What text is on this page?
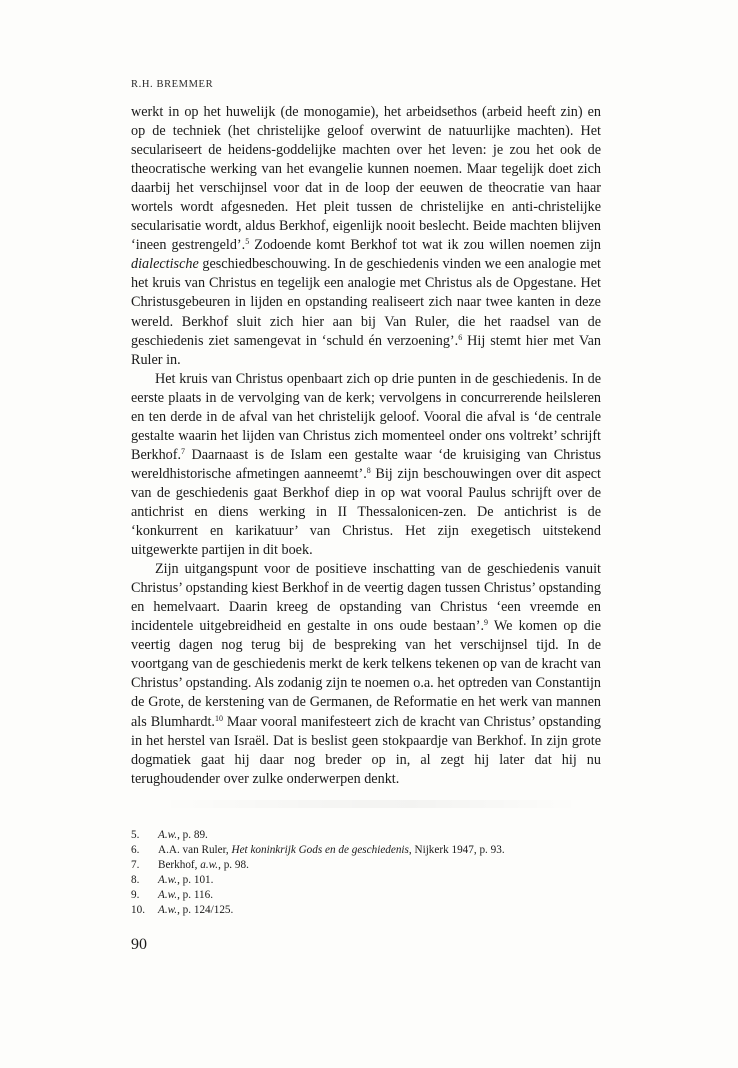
R.H. BREMMER

werkt in op het huwelijk (de monogamie), het arbeidsethos (arbeid heeft zin) en op de techniek (het christelijke geloof overwint de natuurlijke machten). Het seculariseert de heidens-goddelijke machten over het leven: je zou het ook de theocratische werking van het evangelie kunnen noemen. Maar tegelijk doet zich daarbij het verschijnsel voor dat in de loop der eeuwen de theocratie van haar wortels wordt afgesneden. Het pleit tussen de christelijke en anti-christelijke secularisatie wordt, aldus Berkhof, eigenlijk nooit beslecht. Beide machten blijven ‘ineen gestrengeld’.$^5$ Zodoende komt Berkhof tot wat ik zou willen noemen zijn dialectische geschiedbeschouwing. In de geschiedenis vinden we een analogie met het kruis van Christus en tegelijk een analogie met Christus als de Opgestane. Het Christusgebeuren in lijden en opstanding realiseert zich naar twee kanten in deze wereld. Berkhof sluit zich hier aan bij Van Ruler, die het raadsel van de geschiedenis ziet samengevat in ‘schuld én verzoening’.$^6$ Hij stemt hier met Van Ruler in.

Het kruis van Christus openbaart zich op drie punten in de geschiedenis. In de eerste plaats in de vervolging van de kerk; vervolgens in concurrerende heilsleren en ten derde in de afval van het christelijk geloof. Vooral die afval is ‘de centrale gestalte waarin het lijden van Christus zich momenteel onder ons voltrekt’ schrijft Berkhof.$^7$ Daarnaast is de Islam een gestalte waar ‘de kruisiging van Christus wereldhistorische afmetingen aanneemt’.$^8$ Bij zijn beschouwingen over dit aspect van de geschiedenis gaat Berkhof diep in op wat vooral Paulus schrijft over de antichrist en diens werking in II Thessalonicen-zen. De antichrist is de ‘konkurrent en karikatuur’ van Christus. Het zijn exegetisch uitstekend uitgewerkte partijen in dit boek.

Zijn uitgangspunt voor de positieve inschatting van de geschiedenis vanuit Christus’ opstanding kiest Berkhof in de veertig dagen tussen Christus’ opstanding en hemelvaart. Daarin kreeg de opstanding van Christus ‘een vreemde en incidentele uitgebreidheid en gestalte in ons oude bestaan’.$^9$ We komen op die veertig dagen nog terug bij de bespreking van het verschijnsel tijd. In de voortgang van de geschiedenis merkt de kerk telkens tekenen op van de kracht van Christus’ opstanding. Als zodanig zijn te noemen o.a. het optreden van Constantijn de Grote, de kerstening van de Germanen, de Reformatie en het werk van mannen als Blumhardt.$^{10}$ Maar vooral manifesteert zich de kracht van Christus’ opstanding in het herstel van Israël. Dat is beslist geen stokpaardje van Berkhof. In zijn grote dogmatiek gaat hij daar nog breder op in, al zegt hij later dat hij nu terughoudender over zulke onderwerpen denkt.

5.	A.w., p. 89.
6.	A.A. van Ruler, Het koninkrijk Gods en de geschiedenis, Nijkerk 1947, p. 93.
7.	Berkhof, a.w., p. 98.
8.	A.w., p. 101.
9.	A.w., p. 116.
10.	A.w., p. 124/125.
90
